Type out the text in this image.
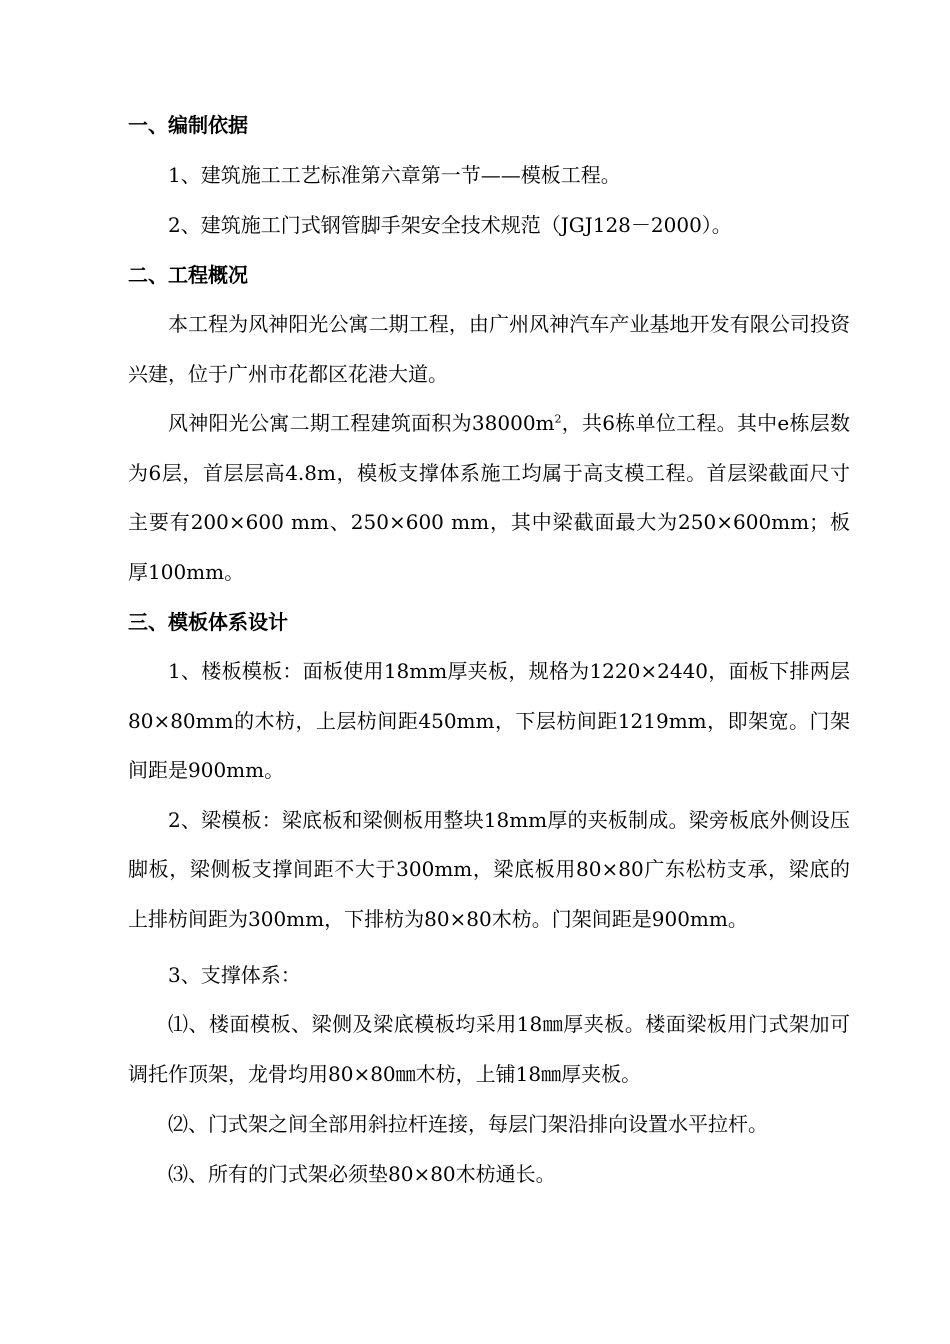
一、编制依据
1、建筑施工工艺标准第六章第一节——模板工程。
2、建筑施工门式钢管脚手架安全技术规范（JGJ128－2000）。
二、工程概况

本工程为风神阳光公寓二期工程，由广州风神汽车产业基地开发有限公司投资兴建，位于广州市花都区花港大道。

风神阳光公寓二期工程建筑面积为$38000m^2$，共6栋单位工程。其中e栋层数为6层，首层层高4.8m，模板支撑体系施工均属于高支模工程。首层梁截面尺寸主要有200×600 mm、250×600 mm，其中梁截面最大为250×600mm；板厚100mm。

三、模板体系设计

1、楼板模板：面板使用18mm厚夹板，规格为1220×2440，面板下排两层80×80mm的木枋，上层枋间距450mm，下层枋间距1219mm，即架宽。门架间距是900mm。

2、梁模板：梁底板和梁侧板用整块18mm厚的夹板制成。梁旁板底外侧设压脚板，梁侧板支撑间距不大于300mm，梁底板用80×80广东松枋支承，梁底的上排枋间距为300mm，下排枋为80×80木枋。门架间距是900mm。

3、支撑体系：

⑴、楼面模板、梁侧及梁底模板均采用18㎜厚夹板。楼面梁板用门式架加可调托作顶架，龙骨均用80×80㎜木枋，上铺18㎜厚夹板。

⑵、门式架之间全部用斜拉杆连接，每层门架沿排向设置水平拉杆。
⑶、所有的门式架必须垫80×80木枋通长。
